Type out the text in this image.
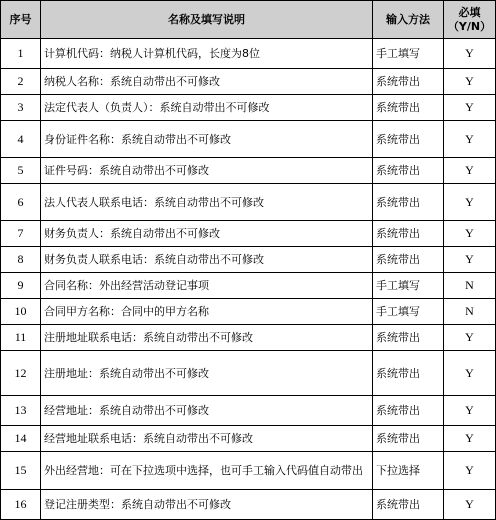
序号	名称及填写说明	输入方法	必填
（Y/N）
1	计算机代码：纳税人计算机代码，长度为8位	手工填写	Y
2	纳税人名称：系统自动带出不可修改	系统带出	Y
3	法定代表人（负责人）：系统自动带出不可修改	系统带出	Y
4	身份证件名称：系统自动带出不可修改	系统带出	Y
5	证件号码：系统自动带出不可修改	系统带出	Y
6	法人代表人联系电话：系统自动带出不可修改	系统带出	Y
7	财务负责人：系统自动带出不可修改	系统带出	Y
8	财务负责人联系电话：系统自动带出不可修改	系统带出	Y
9	合同名称：外出经营活动登记事项	手工填写	N
10	合同甲方名称：合同中的甲方名称	手工填写	N
11	注册地址联系电话：系统自动带出不可修改	系统带出	Y
12	注册地址：系统自动带出不可修改	系统带出	Y
13	经营地址：系统自动带出不可修改	系统带出	Y
14	经营地址联系电话：系统自动带出不可修改	系统带出	Y
15	外出经营地：可在下拉选项中选择，也可手工输入代码值自动带出	下拉选择	Y
16	登记注册类型：系统自动带出不可修改	系统带出	Y
